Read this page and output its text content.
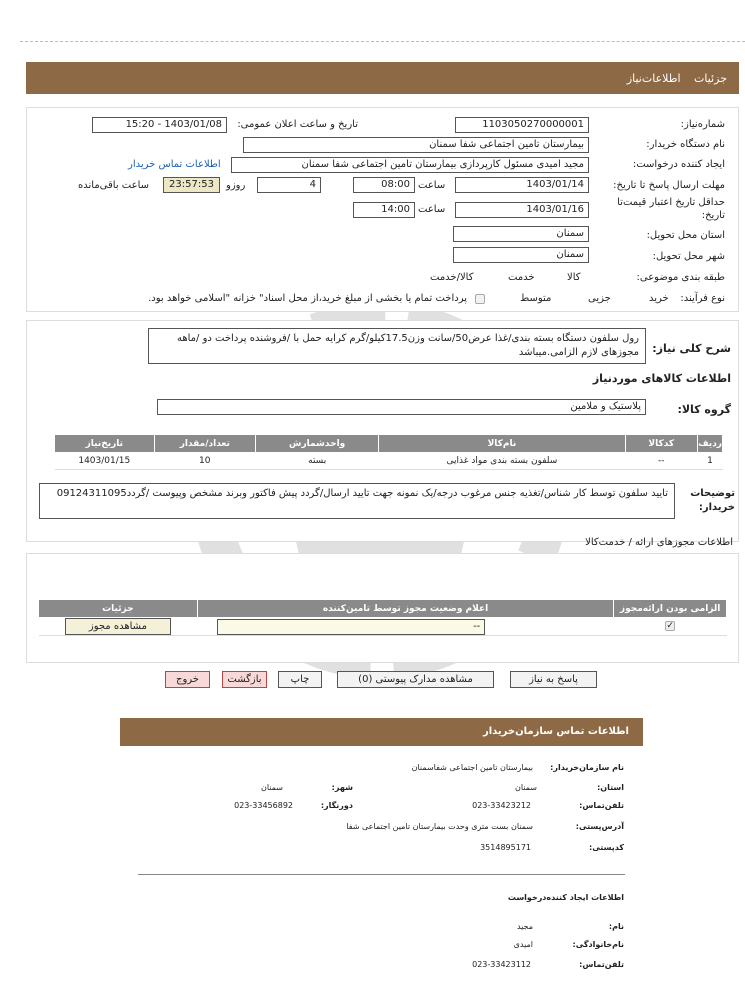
جزئیات اطلاعات‌نیاز
شماره‌نیاز:
1103050270000001
تاریخ و ساعت اعلان عمومی:
1403/01/08 - 15:20
نام دستگاه خریدار:
بیمارستان تامین اجتماعی شفا سمنان
ایجاد کننده درخواست:
مجید امیدی مسئول کارپردازی بیمارستان تامین اجتماعی شفا سمنان
اطلاعات تماس خریدار
مهلت ارسال پاسخ تا تاریخ:
1403/01/14
ساعت
08:00
4
روزو
23:57:53
ساعت باقی‌مانده
حداقل تاریخ اعتبار قیمت‌تا تاریخ:
1403/01/16
ساعت
14:00
استان محل تحویل:
سمنان
شهر محل تحویل:
سمنان
طبقه بندی موضوعی:

کالا

خدمت

کالا/خدمت
نوع فرآیند:
خرید

جزیی
متوسط
پرداخت تمام یا بخشی از مبلغ خرید،از محل اسناد" خزانه "اسلامی خواهد بود.
شرح کلی نیاز:
رول سلفون دستگاه بسته بندی/غذا عرض50/سانت وزن17.5کیلو/گرم کرایه حمل با /فروشنده پرداخت دو /ماهه مجوزهای لازم الزامی.میباشد
اطلاعات کالاهای مورد‌نیاز
گروه کالا:
پلاستیک و ملامین
ردیف	کدکالا	نام‌کالا	واحدشمارش	تعداد/مقدار	تاریخ‌نیاز
1	--	سلفون بسته بندی مواد غذایی	بسته	10	1403/01/15
توضیحات خریدار:
تایید سلفون توسط کار شناس/تغذیه جنس مرغوب درجه/یک نمونه جهت تایید ارسال/گردد پیش فاکتور وبرند مشخص وپیوست /گردد09124311095
اطلاعات مجوزهای ارائه / خدمت‌کالا
الزامی بودن ارائه‌مجوز	اعلام وضعیت مجوز توسط تامین‌کننده	جزئیات
✓	--	مشاهده مجوز
پاسخ به نیاز
مشاهده مدارک پیوستی (0)
چاپ
بازگشت
خروج
اطلاعات تماس سازمان‌خریدار
نام سازمان‌خریدار:
بیمارستان تامین اجتماعی شفاسمنان
استان:
سمنان
شهر:
سمنان
تلفن‌تماس:
023-33423212
دورنگار:
023-33456892
آدرس‌پستی:
سمنان بست متری وحدت بیمارستان تامین اجتماعی شفا
کد‌پستی:
3514895171
اطلاعات ایجاد کننده‌درخواست
نام:
مجید
نام‌خانوادگی:
امیدی
تلفن‌تماس:
023-33423112
